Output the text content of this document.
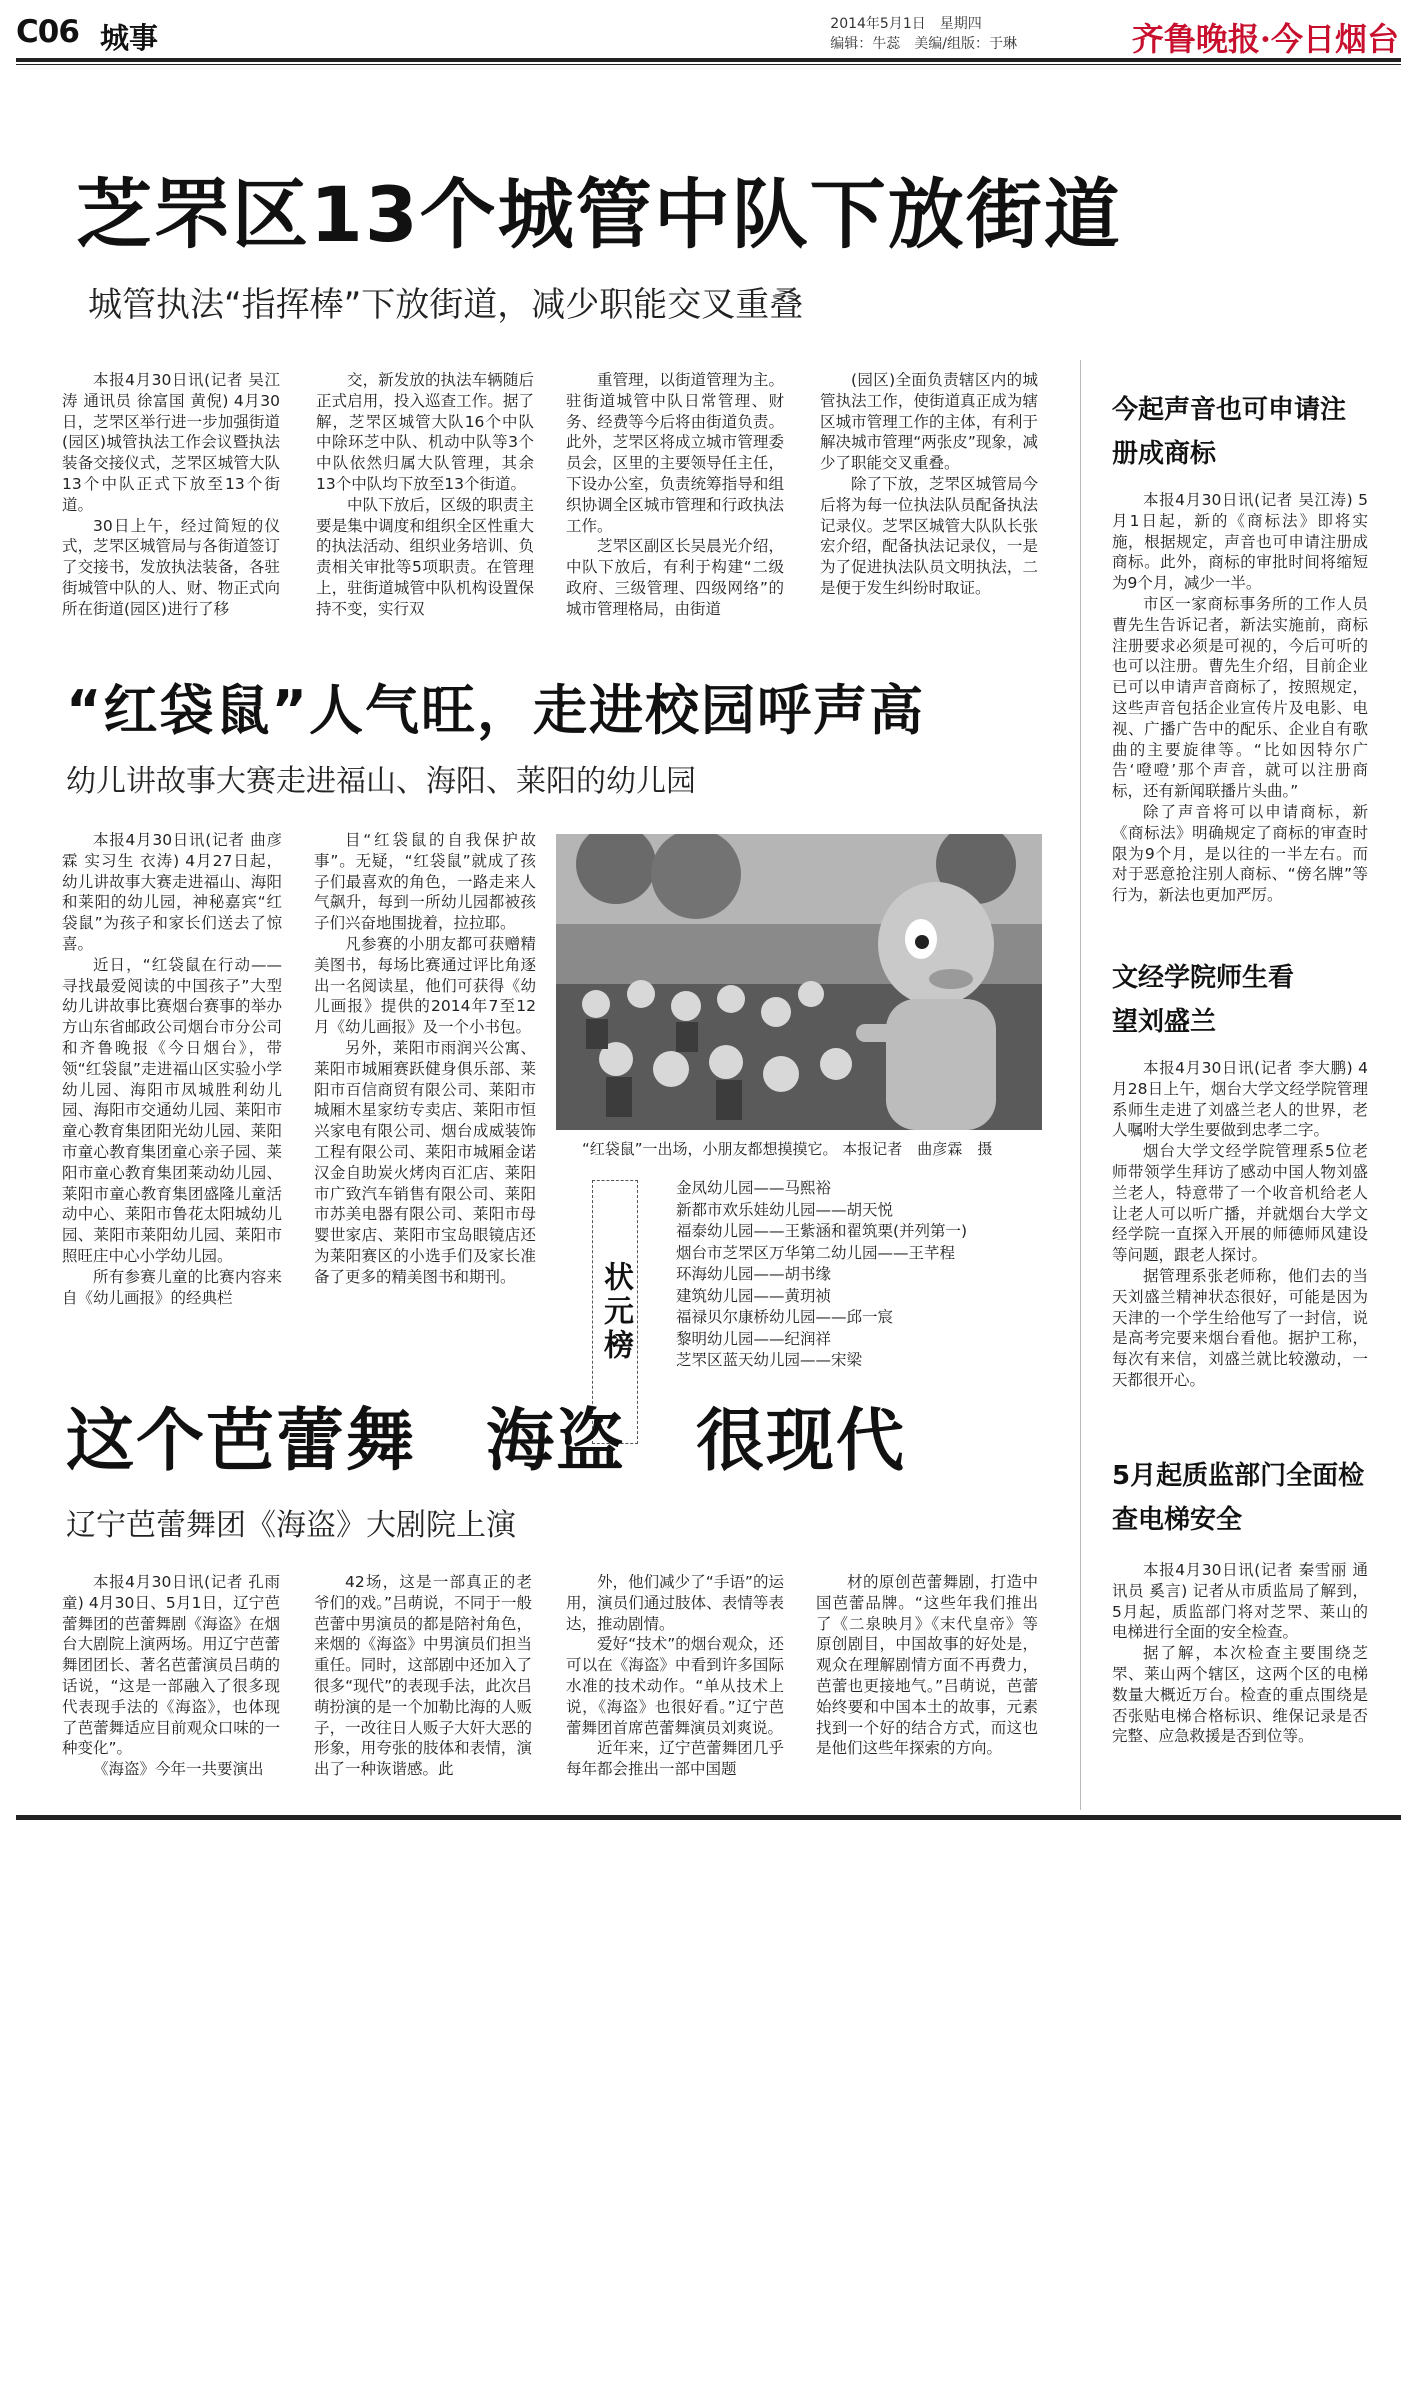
C06 城事	2014年5月1日　星期四
编辑：牛蕊　美编/组版：于琳	齐鲁晚报·今日烟台
芝罘区13个城管中队下放街道
城管执法“指挥棒”下放街道，减少职能交叉重叠

本报4月30日讯(记者 吴江涛 通讯员 徐富国 黄倪) 4月30日，芝罘区举行进一步加强街道(园区)城管执法工作会议暨执法装备交接仪式，芝罘区城管大队13个中队正式下放至13个街道。

30日上午，经过简短的仪式，芝罘区城管局与各街道签订了交接书，发放执法装备，各驻街城管中队的人、财、物正式向所在街道(园区)进行了移

交，新发放的执法车辆随后正式启用，投入巡查工作。据了解，芝罘区城管大队16个中队中除环芝中队、机动中队等3个中队依然归属大队管理，其余13个中队均下放至13个街道。

中队下放后，区级的职责主要是集中调度和组织全区性重大的执法活动、组织业务培训、负责相关审批等5项职责。在管理上，驻街道城管中队机构设置保持不变，实行双

重管理，以街道管理为主。驻街道城管中队日常管理、财务、经费等今后将由街道负责。此外，芝罘区将成立城市管理委员会，区里的主要领导任主任，下设办公室，负责统筹指导和组织协调全区城市管理和行政执法工作。

芝罘区副区长吴晨光介绍，中队下放后，有利于构建“二级政府、三级管理、四级网络”的城市管理格局，由街道

(园区)全面负责辖区内的城管执法工作，使街道真正成为辖区城市管理工作的主体，有利于解决城市管理“两张皮”现象，减少了职能交叉重叠。

除了下放，芝罘区城管局今后将为每一位执法队员配备执法记录仪。芝罘区城管大队队长张宏介绍，配备执法记录仪，一是为了促进执法队员文明执法，二是便于发生纠纷时取证。

“红袋鼠”人气旺，走进校园呼声高
幼儿讲故事大赛走进福山、海阳、莱阳的幼儿园

本报4月30日讯(记者 曲彦霖 实习生 衣涛) 4月27日起，幼儿讲故事大赛走进福山、海阳和莱阳的幼儿园，神秘嘉宾“红袋鼠”为孩子和家长们送去了惊喜。

近日，“红袋鼠在行动——寻找最爱阅读的中国孩子”大型幼儿讲故事比赛烟台赛事的举办方山东省邮政公司烟台市分公司和齐鲁晚报《今日烟台》，带领“红袋鼠”走进福山区实验小学幼儿园、海阳市凤城胜利幼儿园、海阳市交通幼儿园、莱阳市童心教育集团阳光幼儿园、莱阳市童心教育集团童心亲子园、莱阳市童心教育集团莱动幼儿园、莱阳市童心教育集团盛隆儿童活动中心、莱阳市鲁花太阳城幼儿园、莱阳市莱阳幼儿园、莱阳市照旺庄中心小学幼儿园。

所有参赛儿童的比赛内容来自《幼儿画报》的经典栏

目“红袋鼠的自我保护故事”。无疑，“红袋鼠”就成了孩子们最喜欢的角色，一路走来人气飙升，每到一所幼儿园都被孩子们兴奋地围拢着，拉拉耶。

凡参赛的小朋友都可获赠精美图书，每场比赛通过评比角逐出一名阅读星，他们可获得《幼儿画报》提供的2014年7至12月《幼儿画报》及一个小书包。

另外，莱阳市雨润兴公寓、莱阳市城厢赛跃健身俱乐部、莱阳市百信商贸有限公司、莱阳市城厢木星家纺专卖店、莱阳市恒兴家电有限公司、烟台成威装饰工程有限公司、莱阳市城厢金诺汉金自助炭火烤肉百汇店、莱阳市广致汽车销售有限公司、莱阳市苏美电器有限公司、莱阳市母婴世家店、莱阳市宝岛眼镜店还为莱阳赛区的小选手们及家长准备了更多的精美图书和期刊。

“红袋鼠”一出场，小朋友都想摸摸它。 本报记者　曲彦霖　摄
状元榜
金凤幼儿园——马熙裕
新都市欢乐娃幼儿园——胡天悦
福泰幼儿园——王紫涵和翟筑栗(并列第一)
烟台市芝罘区万华第二幼儿园——王芊程
环海幼儿园——胡书缘
建筑幼儿园——黄玥祯
福禄贝尔康桥幼儿园——邱一宸
黎明幼儿园——纪润祥
芝罘区蓝天幼儿园——宋梁
这个芭蕾舞　海盗　很现代
辽宁芭蕾舞团《海盗》大剧院上演

本报4月30日讯(记者 孔雨童) 4月30日、5月1日，辽宁芭蕾舞团的芭蕾舞剧《海盗》在烟台大剧院上演两场。用辽宁芭蕾舞团团长、著名芭蕾演员吕萌的话说，“这是一部融入了很多现代表现手法的《海盗》，也体现了芭蕾舞适应目前观众口味的一种变化”。

《海盗》今年一共要演出

42场，这是一部真正的老爷们的戏。”吕萌说，不同于一般芭蕾中男演员的都是陪衬角色，来烟的《海盗》中男演员们担当重任。同时，这部剧中还加入了很多“现代”的表现手法，此次吕萌扮演的是一个加勒比海的人贩子，一改往日人贩子大奸大恶的形象，用夸张的肢体和表情，演出了一种诙谐感。此

外，他们减少了“手语”的运用，演员们通过肢体、表情等表达，推动剧情。

爱好“技术”的烟台观众，还可以在《海盗》中看到许多国际水准的技术动作。“单从技术上说，《海盗》也很好看。”辽宁芭蕾舞团首席芭蕾舞演员刘爽说。

近年来，辽宁芭蕾舞团几乎每年都会推出一部中国题

材的原创芭蕾舞剧，打造中国芭蕾品牌。“这些年我们推出了《二泉映月》《末代皇帝》等原创剧目，中国故事的好处是，观众在理解剧情方面不再费力，芭蕾也更接地气。”吕萌说，芭蕾始终要和中国本土的故事，元素找到一个好的结合方式，而这也是他们这些年探索的方向。

今起声音也可申请注册成商标

本报4月30日讯(记者 吴江涛) 5月1日起，新的《商标法》即将实施，根据规定，声音也可申请注册成商标。此外，商标的审批时间将缩短为9个月，减少一半。

市区一家商标事务所的工作人员曹先生告诉记者，新法实施前，商标注册要求必须是可视的，今后可听的也可以注册。曹先生介绍，目前企业已可以申请声音商标了，按照规定，这些声音包括企业宣传片及电影、电视、广播广告中的配乐、企业自有歌曲的主要旋律等。“比如因特尔广告‘噔噔’那个声音，就可以注册商标，还有新闻联播片头曲。”

除了声音将可以申请商标，新《商标法》明确规定了商标的审查时限为9个月，是以往的一半左右。而对于恶意抢注别人商标、“傍名牌”等行为，新法也更加严厉。

文经学院师生看望刘盛兰

本报4月30日讯(记者 李大鹏) 4月28日上午，烟台大学文经学院管理系师生走进了刘盛兰老人的世界，老人嘱咐大学生要做到忠孝二字。

烟台大学文经学院管理系5位老师带领学生拜访了感动中国人物刘盛兰老人，特意带了一个收音机给老人让老人可以听广播，并就烟台大学文经学院一直探入开展的师德师风建设等问题，跟老人探讨。

据管理系张老师称，他们去的当天刘盛兰精神状态很好，可能是因为天津的一个学生给他写了一封信，说是高考完要来烟台看他。据护工称，每次有来信，刘盛兰就比较激动，一天都很开心。

5月起质监部门全面检查电梯安全

本报4月30日讯(记者 秦雪丽 通讯员 奚言) 记者从市质监局了解到，5月起，质监部门将对芝罘、莱山的电梯进行全面的安全检查。

据了解，本次检查主要围绕芝罘、莱山两个辖区，这两个区的电梯数量大概近万台。检查的重点围绕是否张贴电梯合格标识、维保记录是否完整、应急救援是否到位等。
